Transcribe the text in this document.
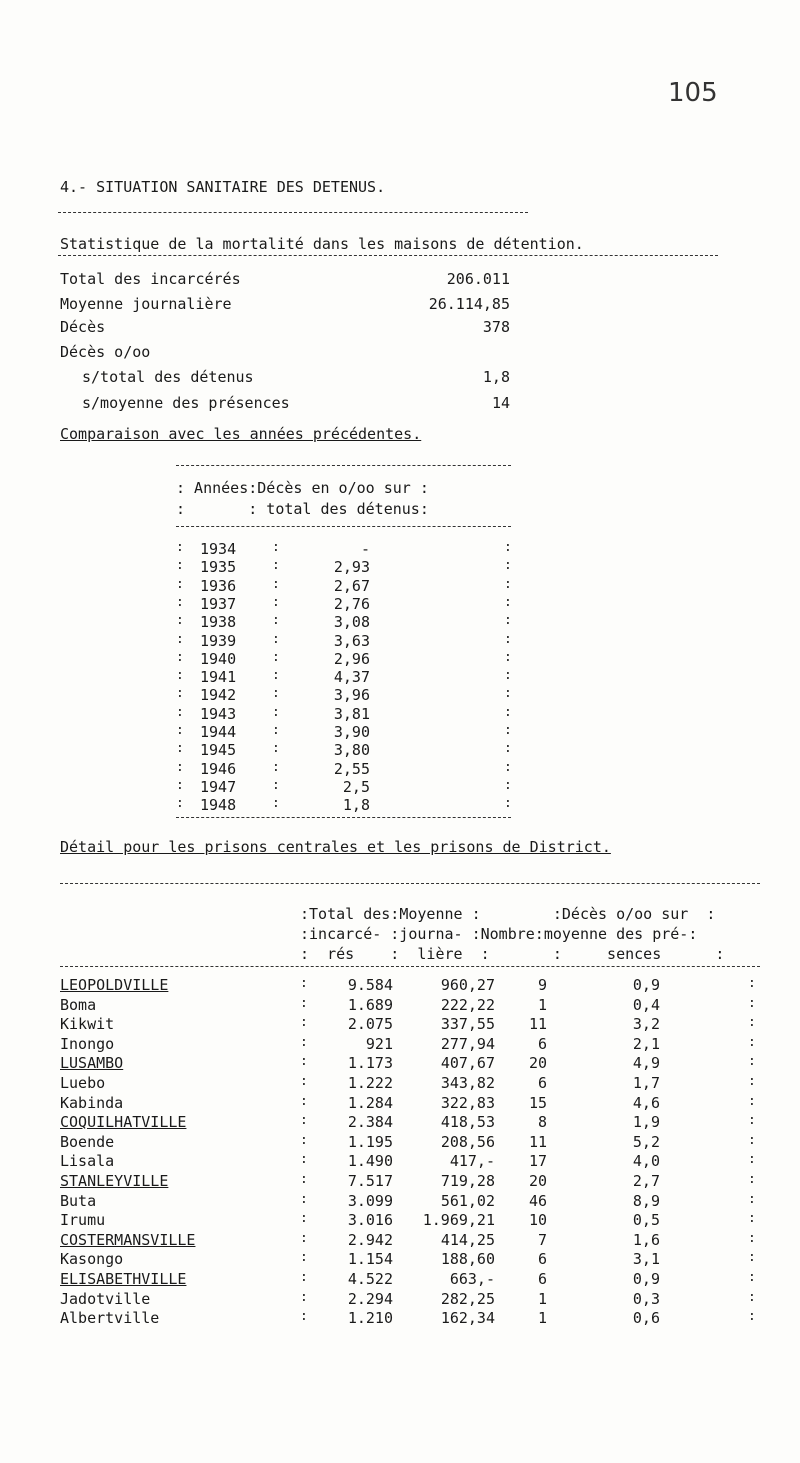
105
4.- SITUATION SANITAIRE DES DETENUS.
Statistique de la mortalité dans les maisons de détention.
Total des incarcérés	206.011
Moyenne journalière	26.114,85
Décès	378
Décès o/oo
s/total des détenus	1,8
s/moyenne des présences	14
Comparaison avec les années précédentes.
: Années:Décès en o/oo sur :
:       : total des détenus:
: 1934	:	-	:
: 1935	:	2,93	:
: 1936	:	2,67	:
: 1937	:	2,76	:
: 1938	:	3,08	:
: 1939	:	3,63	:
: 1940	:	2,96	:
: 1941	:	4,37	:
: 1942	:	3,96	:
: 1943	:	3,81	:
: 1944	:	3,90	:
: 1945	:	3,80	:
: 1946	:	2,55	:
: 1947	:	2,5	:
: 1948	:	1,8	:
Détail pour les prisons centrales et les prisons de District.
:Total des:Moyenne :        :Décès o/oo sur  :
:incarcé- :journa- :Nombre:moyenne des pré-:
:  rés    :  lière  :       :     sences      :
LEOPOLDVILLE	:	9.584	960,27	9	0,9	:
Boma	:	1.689	222,22	1	0,4	:
Kikwit	:	2.075	337,55	11	3,2	:
Inongo	:	921	277,94	6	2,1	:
LUSAMBO	:	1.173	407,67	20	4,9	:
Luebo	:	1.222	343,82	6	1,7	:
Kabinda	:	1.284	322,83	15	4,6	:
COQUILHATVILLE	:	2.384	418,53	8	1,9	:
Boende	:	1.195	208,56	11	5,2	:
Lisala	:	1.490	417,-	17	4,0	:
STANLEYVILLE	:	7.517	719,28	20	2,7	:
Buta	:	3.099	561,02	46	8,9	:
Irumu	:	3.016	1.969,21	10	0,5	:
COSTERMANSVILLE	:	2.942	414,25	7	1,6	:
Kasongo	:	1.154	188,60	6	3,1	:
ELISABETHVILLE	:	4.522	663,-	6	0,9	:
Jadotville	:	2.294	282,25	1	0,3	:
Albertville	:	1.210	162,34	1	0,6	:
